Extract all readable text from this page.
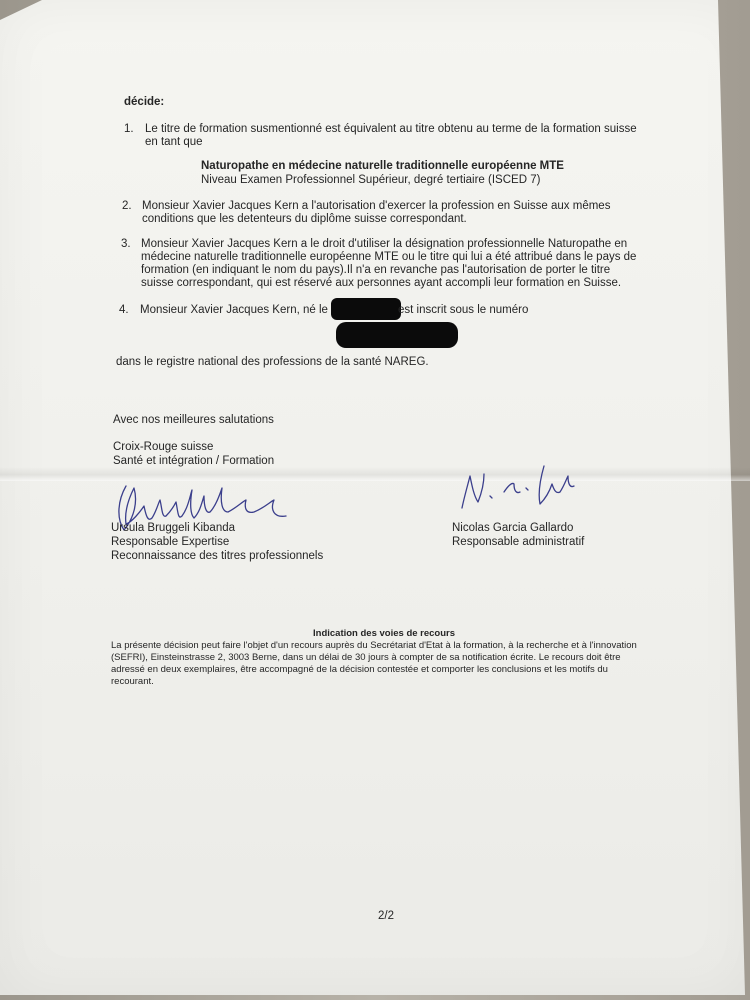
décide:
1. Le titre de formation susmentionné est équivalent au titre obtenu au terme de la formation suisse
en tant que
Naturopathe en médecine naturelle traditionnelle européenne MTE
Niveau Examen Professionnel Supérieur, degré tertiaire (ISCED 7)
2. Monsieur Xavier Jacques Kern a l'autorisation d'exercer la profession en Suisse aux mêmes
conditions que les detenteurs du diplôme suisse correspondant.
3. Monsieur Xavier Jacques Kern a le droit d'utiliser la désignation professionnelle Naturopathe en
médecine naturelle traditionnelle européenne MTE ou le titre qui lui a été attribué dans le pays de
formation (en indiquant le nom du pays).Il n'a en revanche pas l'autorisation de porter le titre
suisse correspondant, qui est réservé aux personnes ayant accompli leur formation en Suisse.
4. Monsieur Xavier Jacques Kern, né le	est inscrit sous le numéro
dans le registre national des professions de la santé NAREG.
Avec nos meilleures salutations
Croix-Rouge suisse
Santé et intégration / Formation
Ursula Bruggeli Kibanda
Responsable Expertise
Reconnaissance des titres professionnels
Nicolas Garcia Gallardo
Responsable administratif
Indication des voies de recours
La présente décision peut faire l'objet d'un recours auprès du Secrétariat d'Etat à la formation, à la recherche et à l'innovation
(SEFRI), Einsteinstrasse 2, 3003 Berne, dans un délai de 30 jours à compter de sa notification écrite. Le recours doit être
adressé en deux exemplaires, être accompagné de la décision contestée et comporter les conclusions et les motifs du
recourant.
2/2
